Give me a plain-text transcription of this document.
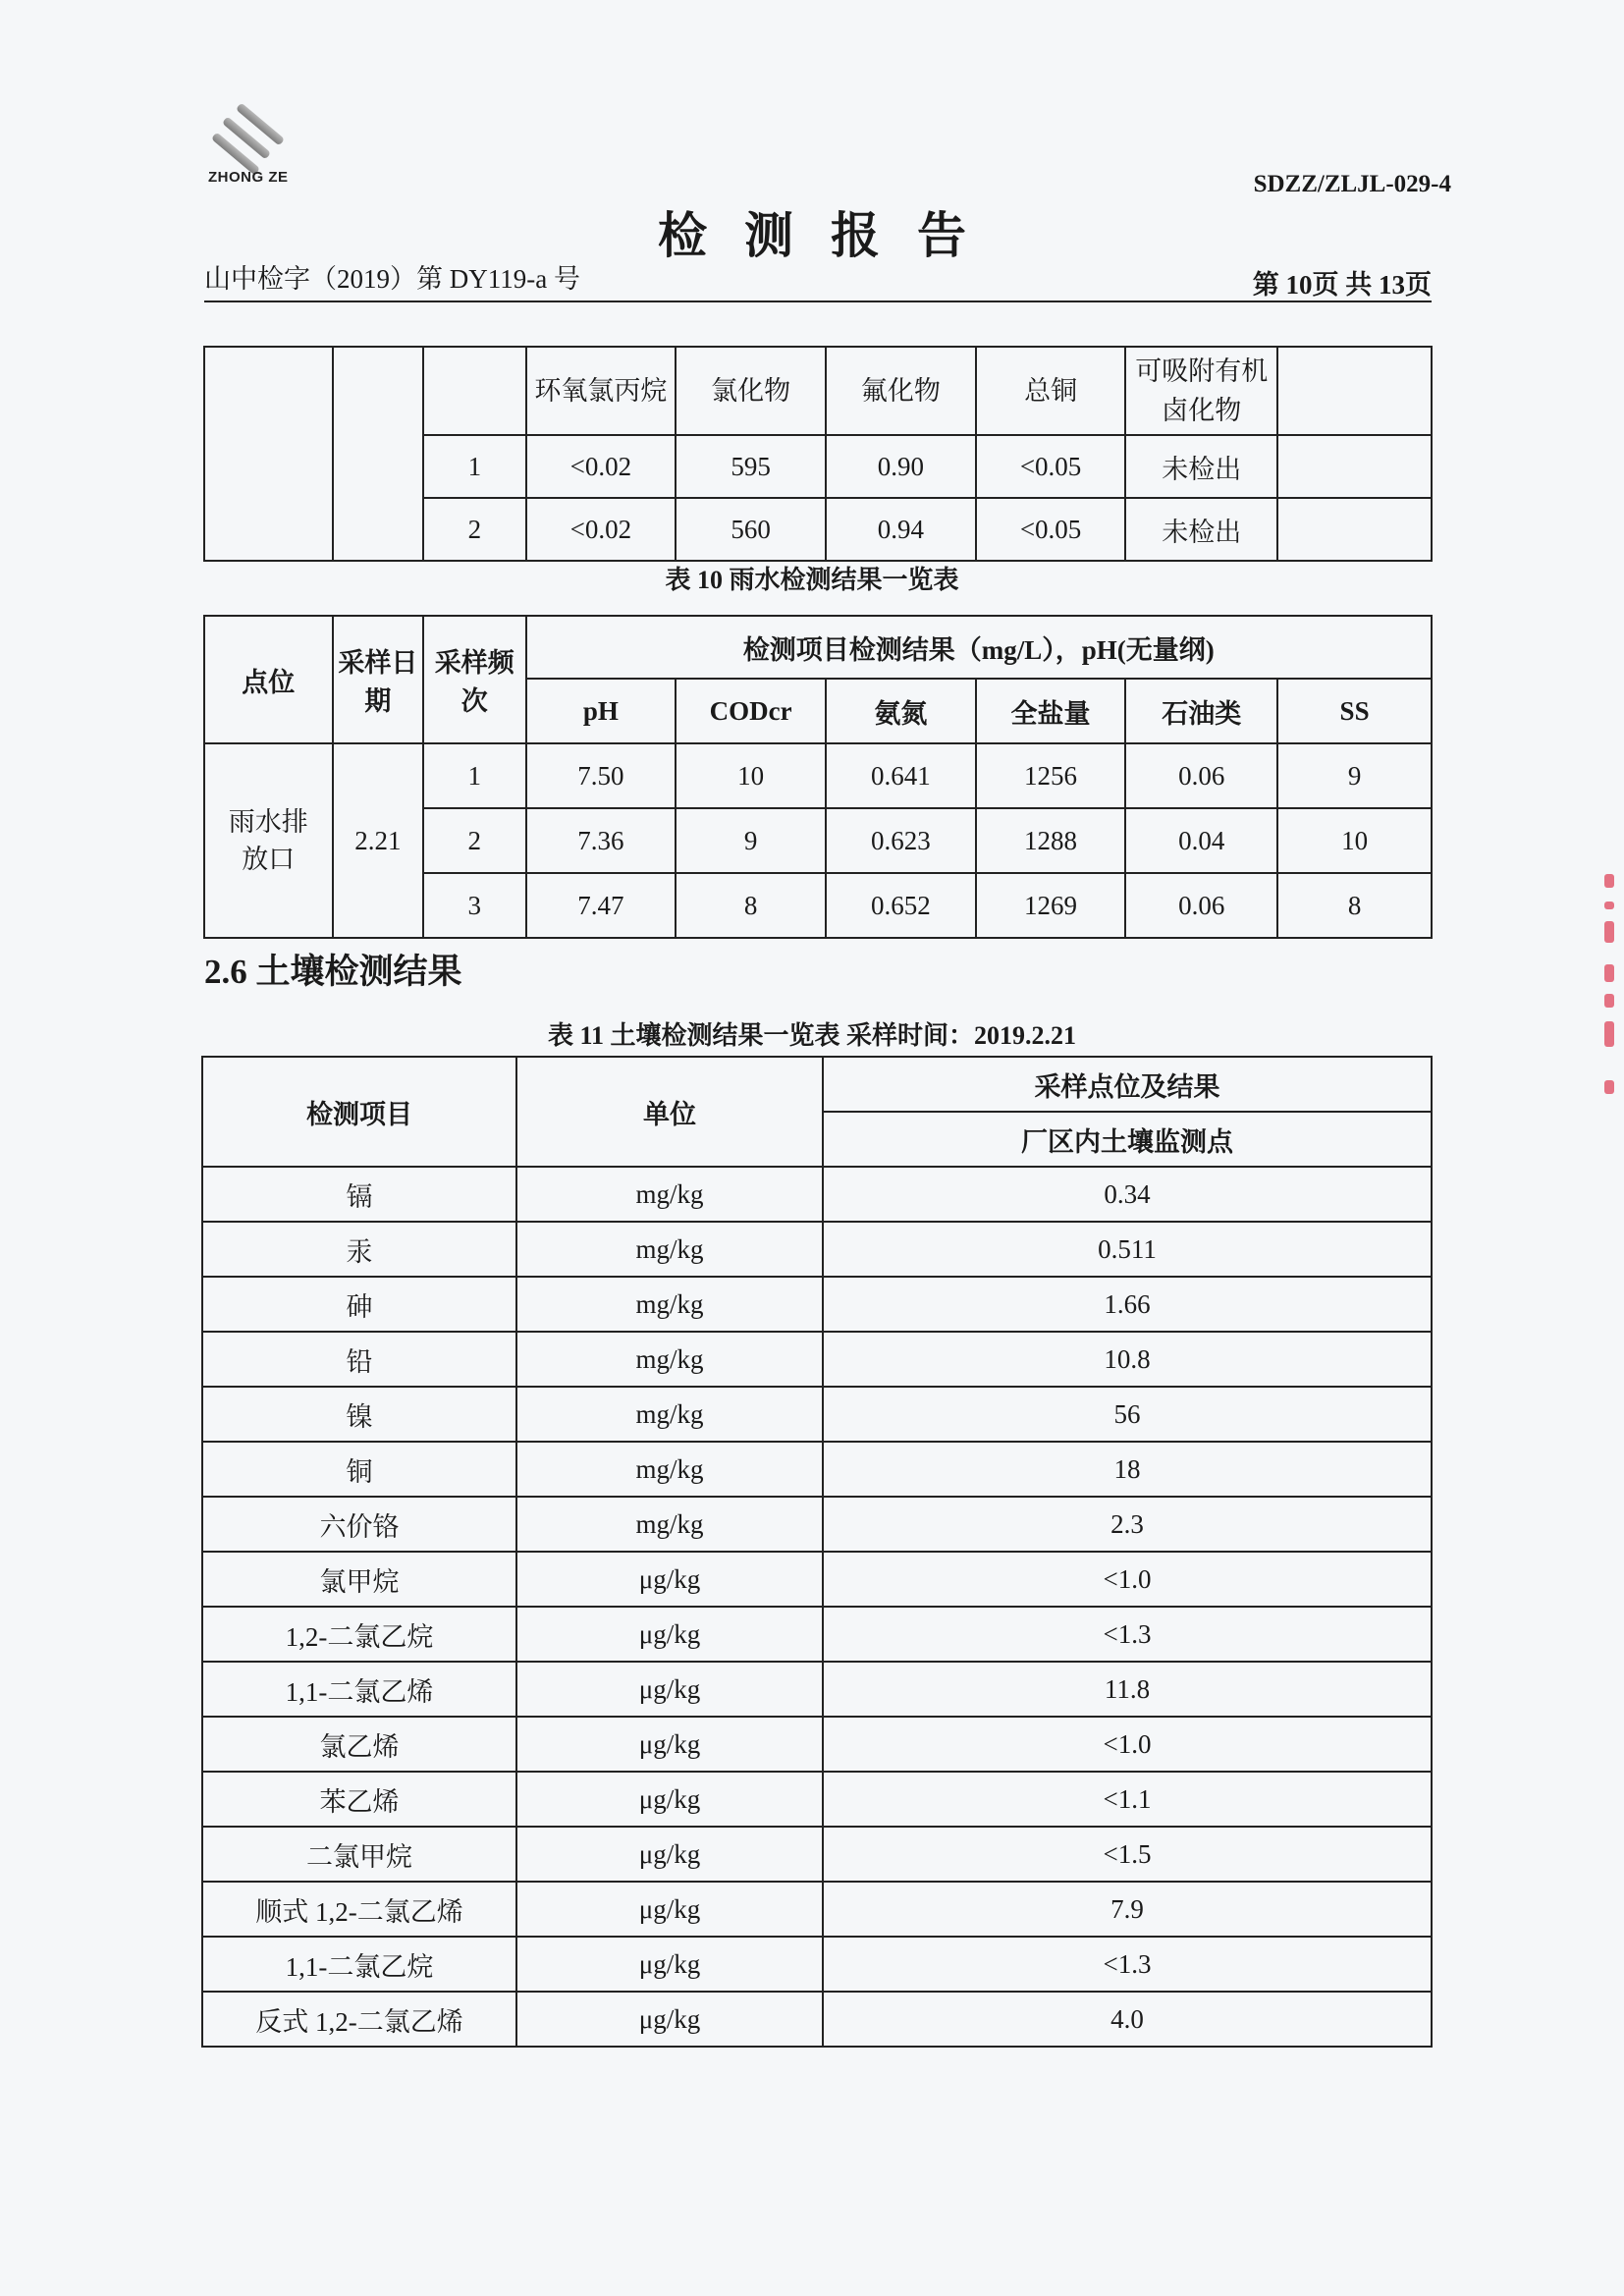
ZHONG ZE	SDZZ/ZLJL-029-4
检测报告
山中检字（2019）第 DY119-a 号	第 10页 共 13页
			环氧氯丙烷	氯化物	氟化物	总铜	可吸附有机卤化物	
		1	<0.02	595	0.90	<0.05	未检出	
		2	<0.02	560	0.94	<0.05	未检出	
表 10 雨水检测结果一览表
点位	采样日期	采样频次	检测项目检测结果（mg/L），pH(无量纲)					
			pH	CODcr	氨氮	全盐量	石油类	SS
雨水排放口	2.21	1	7.50	10	0.641	1256	0.06	9
		2	7.36	9	0.623	1288	0.04	10
		3	7.47	8	0.652	1269	0.06	8
2.6 土壤检测结果
表 11 土壤检测结果一览表 采样时间：2019.2.21
检测项目	单位	采样点位及结果
		厂区内土壤监测点
镉	mg/kg	0.34
汞	mg/kg	0.511
砷	mg/kg	1.66
铅	mg/kg	10.8
镍	mg/kg	56
铜	mg/kg	18
六价铬	mg/kg	2.3
氯甲烷	μg/kg	<1.0
1,2-二氯乙烷	μg/kg	<1.3
1,1-二氯乙烯	μg/kg	11.8
氯乙烯	μg/kg	<1.0
苯乙烯	μg/kg	<1.1
二氯甲烷	μg/kg	<1.5
顺式 1,2-二氯乙烯	μg/kg	7.9
1,1-二氯乙烷	μg/kg	<1.3
反式 1,2-二氯乙烯	μg/kg	4.0
